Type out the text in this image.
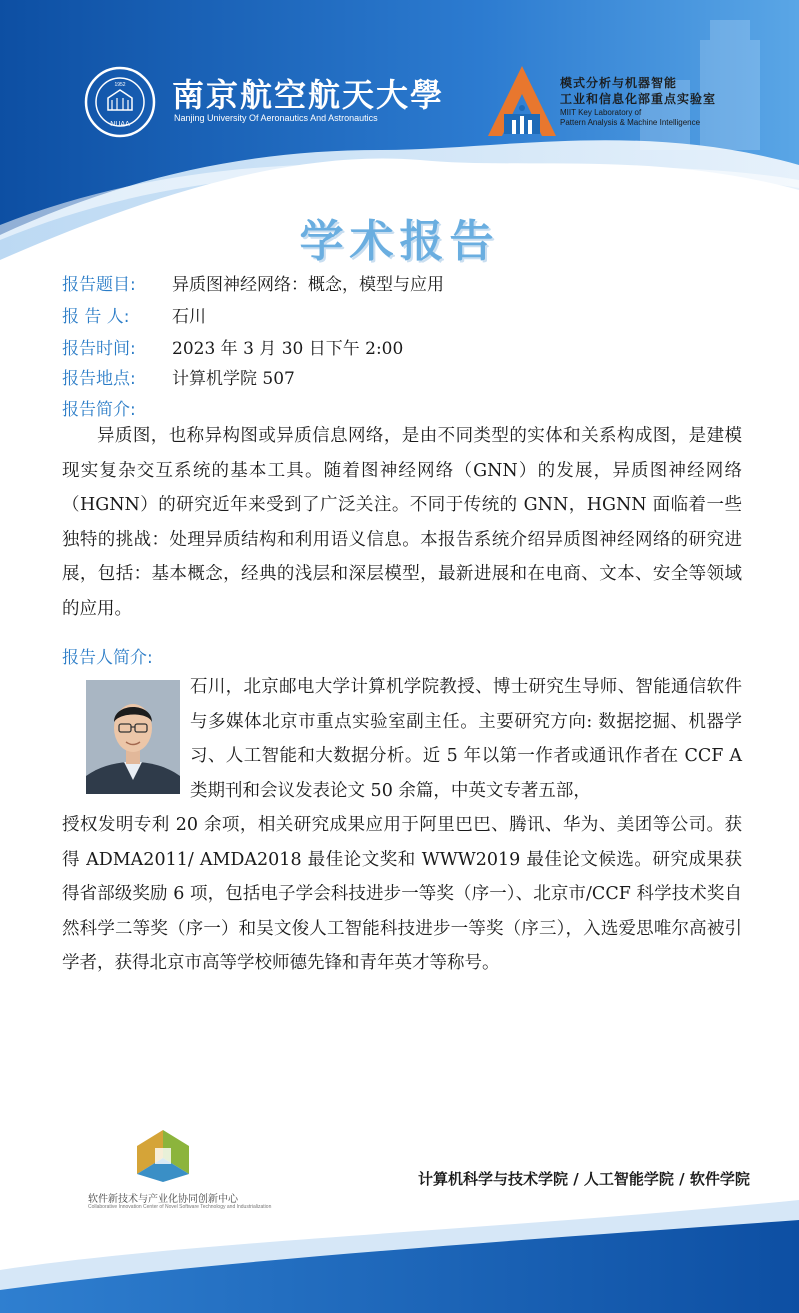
NUAA
1952 南京航空航天大學
Nanjing University Of Aeronautics And Astronautics
模式分析与机器智能
工业和信息化部重点实验室
MIIT Key Laboratory of
Pattern Analysis & Machine Intelligence
学术报告
报告题目: 异质图神经网络：概念，模型与应用
报 告 人: 石川
报告时间: 2023 年 3 月 30 日下午 2:00
报告地点: 计算机学院 507
报告简介:

异质图，也称异构图或异质信息网络，是由不同类型的实体和关系构成图，是建模现实复杂交互系统的基本工具。随着图神经网络（GNN）的发展，异质图神经网络（HGNN）的研究近年来受到了广泛关注。不同于传统的 GNN，HGNN 面临着一些独特的挑战：处理异质结构和利用语义信息。本报告系统介绍异质图神经网络的研究进展，包括：基本概念，经典的浅层和深层模型，最新进展和在电商、文本、安全等领域的应用。

报告人简介:
石川，北京邮电大学计算机学院教授、博士研究生导师、智能通信软件与多媒体北京市重点实验室副主任。主要研究方向: 数据挖掘、机器学习、人工智能和大数据分析。近 5 年以第一作者或通讯作者在 CCF A 类期刊和会议发表论文 50 余篇，中英文专著五部，
授权发明专利 20 余项，相关研究成果应用于阿里巴巴、腾讯、华为、美团等公司。获得 ADMA2011/ AMDA2018 最佳论文奖和 WWW2019 最佳论文候选。研究成果获得省部级奖励 6 项，包括电子学会科技进步一等奖（序一）、北京市/CCF 科学技术奖自然科学二等奖（序一）和吴文俊人工智能科技进步一等奖（序三），入选爱思唯尔高被引学者，获得北京市高等学校师德先锋和青年英才等称号。
软件新技术与产业化协同创新中心
Collaborative Innovation Center of Novel Software Technology and Industrialization
计算机科学与技术学院 / 人工智能学院 / 软件学院
